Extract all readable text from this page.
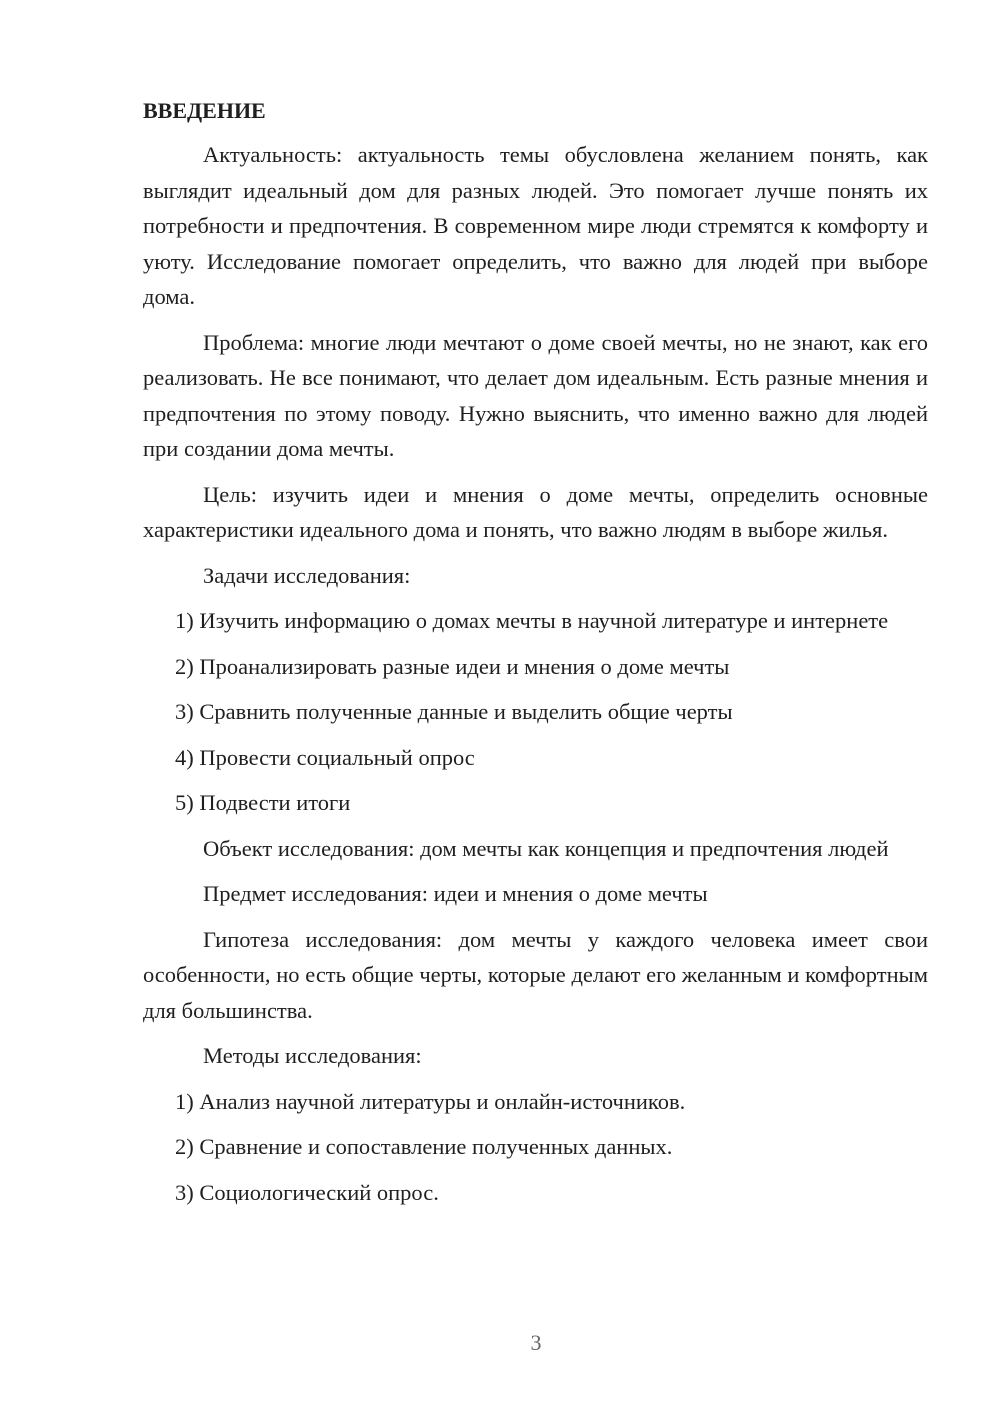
ВВЕДЕНИЕ

Актуальность: актуальность темы обусловлена желанием понять, как выглядит идеальный дом для разных людей. Это помогает лучше понять их потребности и предпочтения. В современном мире люди стремятся к комфорту и уюту. Исследование помогает определить, что важно для людей при выборе дома.

Проблема: многие люди мечтают о доме своей мечты, но не знают, как его реализовать. Не все понимают, что делает дом идеальным. Есть разные мнения и предпочтения по этому поводу. Нужно выяснить, что именно важно для людей при создании дома мечты.

Цель: изучить идеи и мнения о доме мечты, определить основные характеристики идеального дома и понять, что важно людям в выборе жилья.

Задачи исследования:

1) Изучить информацию о домах мечты в научной литературе и интернете

2) Проанализировать разные идеи и мнения о доме мечты

3) Сравнить полученные данные и выделить общие черты

4) Провести социальный опрос

5) Подвести итоги

Объект исследования: дом мечты как концепция и предпочтения людей

Предмет исследования: идеи и мнения о доме мечты

Гипотеза исследования: дом мечты у каждого человека имеет свои особенности, но есть общие черты, которые делают его желанным и комфортным для большинства.

Методы исследования:

1) Анализ научной литературы и онлайн-источников.

2) Сравнение и сопоставление полученных данных.

3) Социологический опрос.

3
